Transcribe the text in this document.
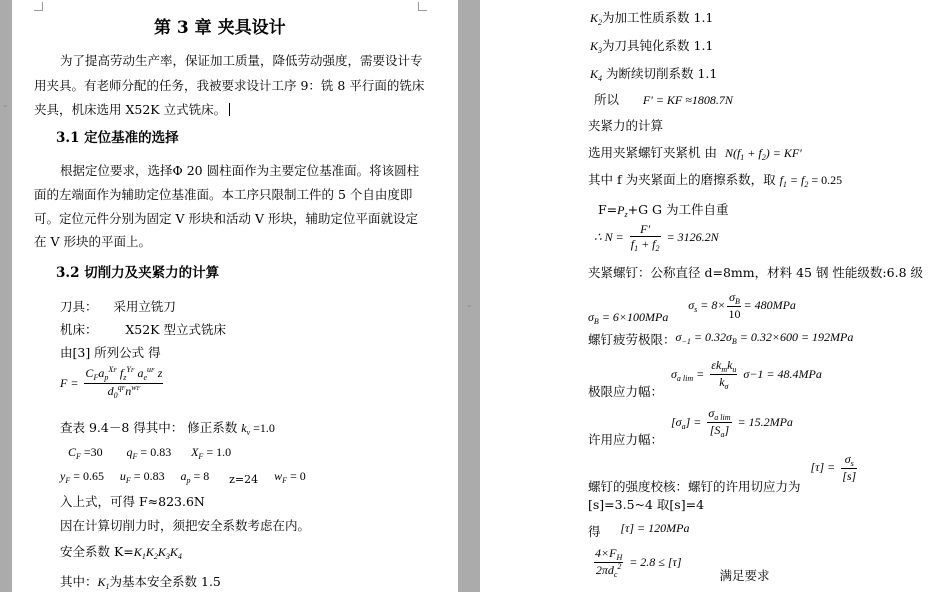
⌄
⌄
第 3 章 夹具设计
为了提高劳动生产率，保证加工质量，降低劳动强度，需要设计专
用夹具。有老师分配的任务，我被要求设计工序 9：铣 8 平行面的铣床
夹具，机床选用 X52K 立式铣床。
3.1 定位基准的选择
根据定位要求，选择Φ 20 圆柱面作为主要定位基准面。将该圆柱
面的左端面作为辅助定位基准面。本工序只限制工件的 5 个自由度即
可。定位元件分别为固定 V 形块和活动 V 形块，辅助定位平面就设定
在 V 形块的平面上。
3.2 切削力及夹紧力的计算
刀具： 采用立铣刀
机床： X52K 型立式铣床
由[3] 所列公式 得
$F = \frac{C_Fa_p^{XF} f_z^{YF} a_e^{uF} z}{d_0^{qF}n^{wF}}$
查表 9.4－8 得其中： 修正系数 $k_v =1.0$
$C_F =30$ $q_F = 0.83$ $X_F = 1.0$
$y_F = 0.65$ $u_F = 0.83$ $a_p = 8$ z=24 $w_F = 0$
入上式，可得 F≈823.6N
因在计算切削力时，须把安全系数考虑在内。
安全系数 $K=K_1K_2K_3K_4$
其中：$K_1$为基本安全系数 1.5
$K_2$为加工性质系数 1.1
$K_3$为刀具钝化系数 1.1
$K_4$ 为断续切削系数 1.1
所以 F′ = KF ≈1808.7N
夹紧力的计算
选用夹紧螺钉夹紧机 由 $N(f_1 + f_2) = KF'$
其中 f 为夹紧面上的磨擦系数，取 $f_1 = f_2 = 0.25$
$F=P_z+G$ G 为工件自重
∴ $N = \frac{F'}{f_1 + f_2} = 3126.2N$
夹紧螺钉：公称直径 d=8mm，材料 45 钢 性能级数:6.8 级
$\sigma_B = 6\times 100MPa$     $\sigma_s = 8\times \frac{\sigma_B}{10} = 480MPa$
螺钉疲劳极限：$\sigma_{-1} = 0.32\sigma_B = 0.32\times 600 = 192MPa$
极限应力幅： $\sigma_{a lim} = \frac{\varepsilon k_mk_u}{k_\sigma} \sigma-1 = 48.4MPa$
许用应力幅： $[\sigma_a] = \frac{\sigma_{a lim}}{[S_a]} = 15.2MPa$
螺钉的强度校核：螺钉的许用切应力为 $[\tau] = \frac{\sigma_s}{[s]}$
[s]=3.5~4 取[s]=4
得 [τ] = 120MPa
$\frac{4\times F_H}{2\pi d_c^2} = 2.8 \le [\tau]$ 满足要求
